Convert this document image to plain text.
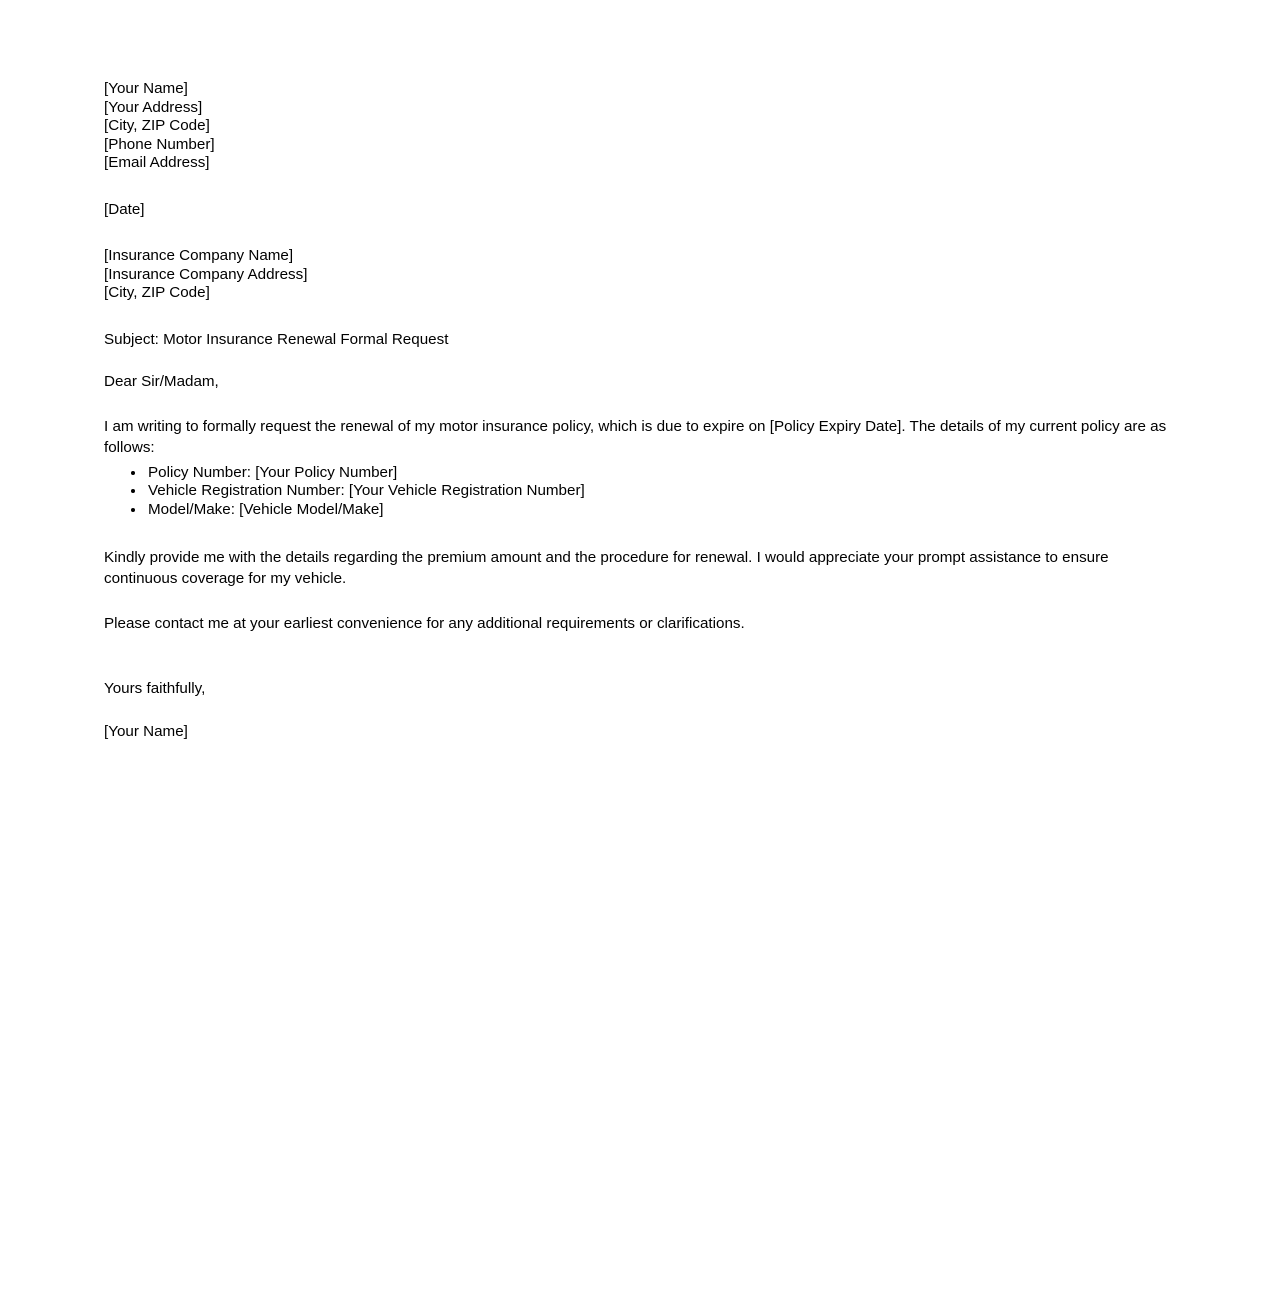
[Your Name]
[Your Address]
[City, ZIP Code]
[Phone Number]
[Email Address]
[Date]
[Insurance Company Name]
[Insurance Company Address]
[City, ZIP Code]
Subject: Motor Insurance Renewal Formal Request
Dear Sir/Madam,

I am writing to formally request the renewal of my motor insurance policy, which is due to expire on [Policy Expiry Date]. The details of my current policy are as follows:

• Policy Number: [Your Policy Number]
• Vehicle Registration Number: [Your Vehicle Registration Number]
• Model/Make: [Vehicle Model/Make]

Kindly provide me with the details regarding the premium amount and the procedure for renewal. I would appreciate your prompt assistance to ensure continuous coverage for my vehicle.

Please contact me at your earliest convenience for any additional requirements or clarifications.

Yours faithfully,
[Your Name]
